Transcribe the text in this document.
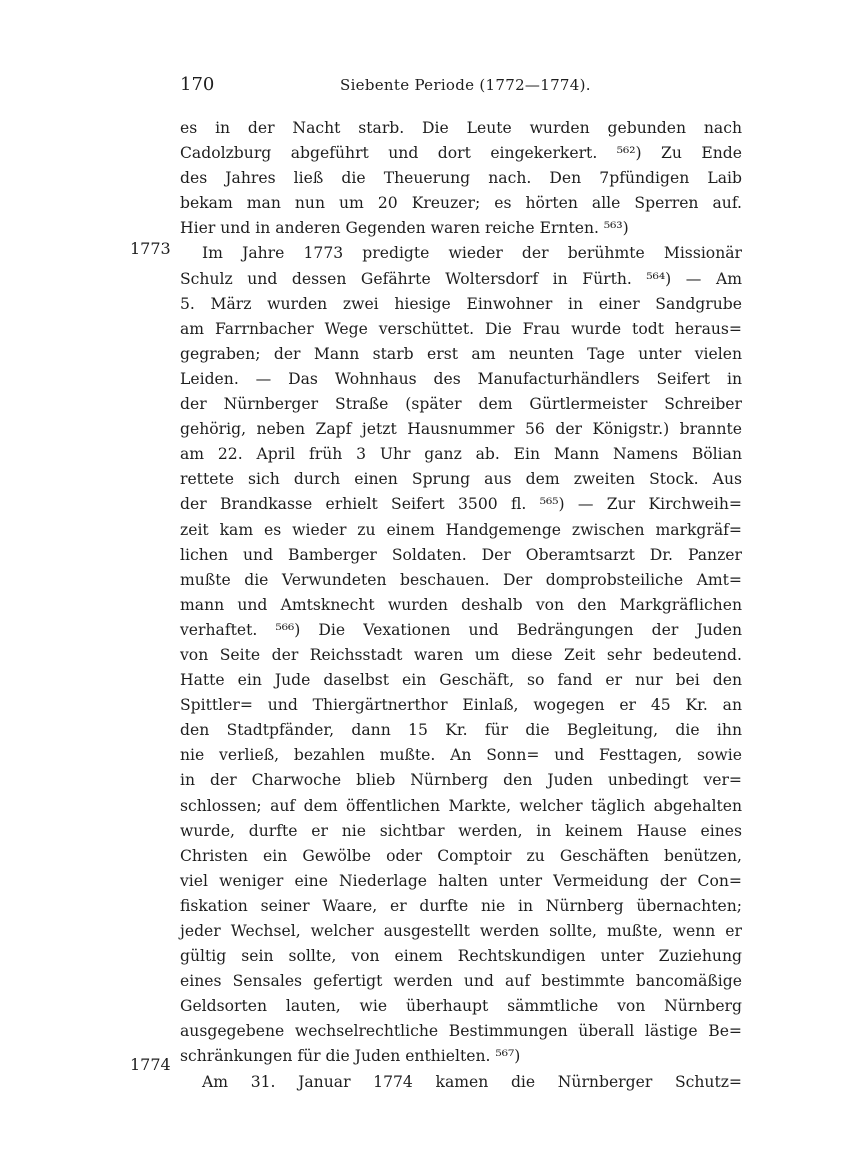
170	Siebente Periode (1772—1774).
1773
1774
es in der Nacht starb. Die Leute wurden gebunden nach
Cadolzburg abgeführt und dort eingekerkert. ⁵⁶²) Zu Ende
des Jahres ließ die Theuerung nach. Den 7pfündigen Laib
bekam man nun um 20 Kreuzer; es hörten alle Sperren auf.
Hier und in anderen Gegenden waren reiche Ernten. ⁵⁶³)
Im Jahre 1773 predigte wieder der berühmte Missionär
Schulz und dessen Gefährte Woltersdorf in Fürth. ⁵⁶⁴) — Am
5. März wurden zwei hiesige Einwohner in einer Sandgrube
am Farrnbacher Wege verschüttet. Die Frau wurde todt heraus=
gegraben; der Mann starb erst am neunten Tage unter vielen
Leiden. — Das Wohnhaus des Manufacturhändlers Seifert in
der Nürnberger Straße (später dem Gürtlermeister Schreiber
gehörig, neben Zapf jetzt Hausnummer 56 der Königstr.) brannte
am 22. April früh 3 Uhr ganz ab. Ein Mann Namens Bölian
rettete sich durch einen Sprung aus dem zweiten Stock. Aus
der Brandkasse erhielt Seifert 3500 fl. ⁵⁶⁵) — Zur Kirchweih=
zeit kam es wieder zu einem Handgemenge zwischen markgräf=
lichen und Bamberger Soldaten. Der Oberamtsarzt Dr. Panzer
mußte die Verwundeten beschauen. Der domprobsteiliche Amt=
mann und Amtsknecht wurden deshalb von den Markgräflichen
verhaftet. ⁵⁶⁶) Die Vexationen und Bedrängungen der Juden
von Seite der Reichsstadt waren um diese Zeit sehr bedeutend.
Hatte ein Jude daselbst ein Geschäft, so fand er nur bei den
Spittler= und Thiergärtnerthor Einlaß, wogegen er 45 Kr. an
den Stadtpfänder, dann 15 Kr. für die Begleitung, die ihn
nie verließ, bezahlen mußte. An Sonn= und Festtagen, sowie
in der Charwoche blieb Nürnberg den Juden unbedingt ver=
schlossen; auf dem öffentlichen Markte, welcher täglich abgehalten
wurde, durfte er nie sichtbar werden, in keinem Hause eines
Christen ein Gewölbe oder Comptoir zu Geschäften benützen,
viel weniger eine Niederlage halten unter Vermeidung der Con=
fiskation seiner Waare, er durfte nie in Nürnberg übernachten;
jeder Wechsel, welcher ausgestellt werden sollte, mußte, wenn er
gültig sein sollte, von einem Rechtskundigen unter Zuziehung
eines Sensales gefertigt werden und auf bestimmte bancomäßige
Geldsorten lauten, wie überhaupt sämmtliche von Nürnberg
ausgegebene wechselrechtliche Bestimmungen überall lästige Be=
schränkungen für die Juden enthielten. ⁵⁶⁷)
Am 31. Januar 1774 kamen die Nürnberger Schutz=
